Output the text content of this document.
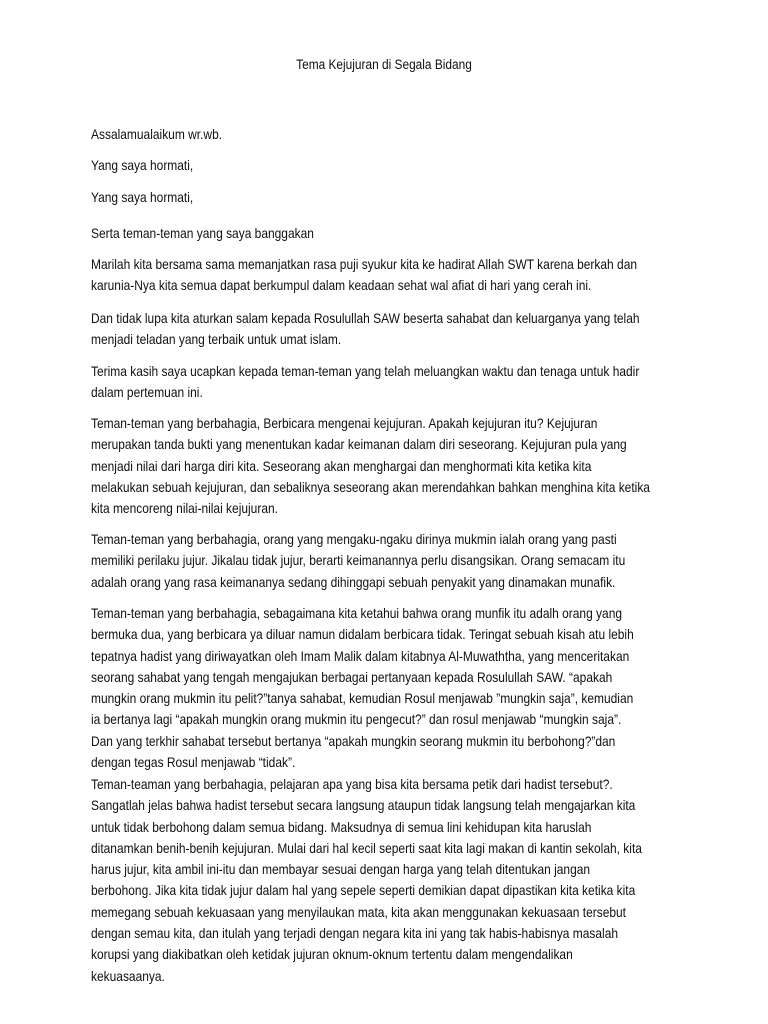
Tema Kejujuran di Segala Bidang
Assalamualaikum wr.wb.
Yang saya hormati,
Yang saya hormati,
Serta teman-teman yang saya banggakan
Marilah kita bersama sama memanjatkan rasa puji syukur kita ke hadirat Allah SWT karena berkah dan
karunia-Nya kita semua dapat berkumpul dalam keadaan sehat wal afiat di hari yang cerah ini.
Dan tidak lupa kita aturkan salam kepada Rosulullah SAW beserta sahabat dan keluarganya yang telah
menjadi teladan yang terbaik untuk umat islam.
Terima kasih saya ucapkan kepada teman-teman yang telah meluangkan waktu dan tenaga untuk hadir
dalam pertemuan ini.
Teman-teman yang berbahagia, Berbicara mengenai kejujuran. Apakah kejujuran itu? Kejujuran
merupakan tanda bukti yang menentukan kadar keimanan dalam diri seseorang. Kejujuran pula yang
menjadi nilai dari harga diri kita. Seseorang akan menghargai dan menghormati kita ketika kita
melakukan sebuah kejujuran, dan sebaliknya seseorang akan merendahkan bahkan menghina kita ketika
kita mencoreng nilai-nilai kejujuran.
Teman-teman yang berbahagia, orang yang mengaku-ngaku dirinya mukmin ialah orang yang pasti
memiliki perilaku jujur. Jikalau tidak jujur, berarti keimanannya perlu disangsikan. Orang semacam itu
adalah orang yang rasa keimananya sedang dihinggapi sebuah penyakit yang dinamakan munafik.
Teman-teman yang berbahagia, sebagaimana kita ketahui bahwa orang munfik itu adalh orang yang
bermuka dua, yang berbicara ya diluar namun didalam berbicara tidak. Teringat sebuah kisah atu lebih
tepatnya hadist yang diriwayatkan oleh Imam Malik dalam kitabnya Al-Muwaththa, yang menceritakan
seorang sahabat yang tengah mengajukan berbagai pertanyaan kepada Rosulullah SAW. “apakah
mungkin orang mukmin itu pelit?”tanya sahabat, kemudian Rosul menjawab ”mungkin saja”, kemudian
ia bertanya lagi “apakah mungkin orang mukmin itu pengecut?” dan rosul menjawab “mungkin saja”.
Dan yang terkhir sahabat tersebut bertanya “apakah mungkin seorang mukmin itu berbohong?”dan
dengan tegas Rosul menjawab “tidak”.
Teman-teaman yang berbahagia, pelajaran apa yang bisa kita bersama petik dari hadist tersebut?.
Sangatlah jelas bahwa hadist tersebut secara langsung ataupun tidak langsung telah mengajarkan kita
untuk tidak berbohong dalam semua bidang. Maksudnya di semua lini kehidupan kita haruslah
ditanamkan benih-benih kejujuran. Mulai dari hal kecil seperti saat kita lagi makan di kantin sekolah, kita
harus jujur, kita ambil ini-itu dan membayar sesuai dengan harga yang telah ditentukan jangan
berbohong. Jika kita tidak jujur dalam hal yang sepele seperti demikian dapat dipastikan kita ketika kita
memegang sebuah kekuasaan yang menyilaukan mata, kita akan menggunakan kekuasaan tersebut
dengan semau kita, dan itulah yang terjadi dengan negara kita ini yang tak habis-habisnya masalah
korupsi yang diakibatkan oleh ketidak jujuran oknum-oknum tertentu dalam mengendalikan
kekuasaanya.
